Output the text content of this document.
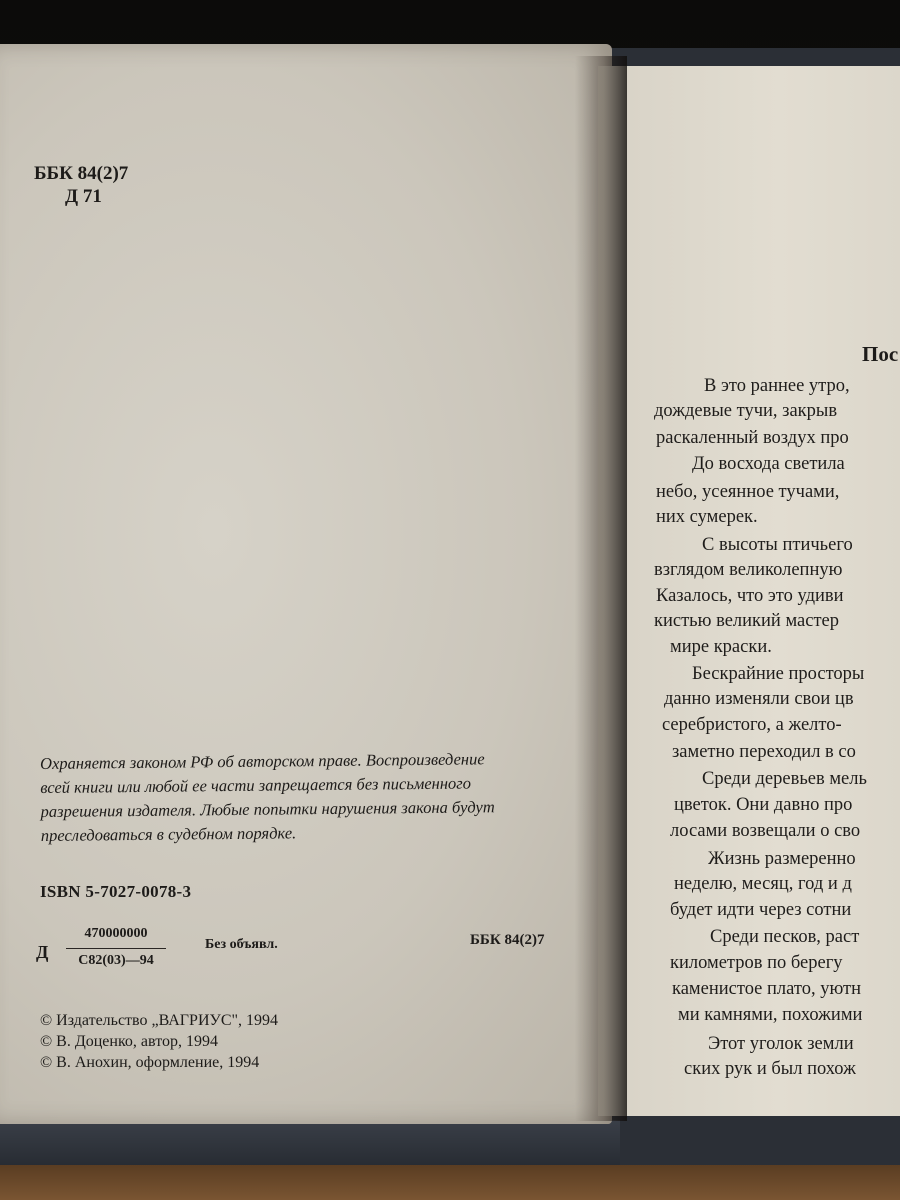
ББК 84(2)7
Д 71
Охраняется законом РФ об авторском праве. Воспроизведение
всей книги или любой ее части запрещается без письменного
разрешения издателя. Любые попытки нарушения закона будут
преследоваться в судебном порядке.
ISBN 5-7027-0078-3
Д
470000000
С82(03)—94
Без объявл.	ББК 84(2)7
© Издательство „ВАГРИУС", 1994
© В. Доценко, автор, 1994
© В. Анохин, оформление, 1994
Пос
В это раннее утро,
дождевые тучи, закрыв
раскаленный воздух про
До восхода светила
небо, усеянное тучами,
них сумерек.
С высоты птичьего
взглядом великолепную
Казалось, что это удиви
кистью великий мастер
мире краски.
Бескрайние просторы
данно изменяли свои цв
серебристого, а желто-
заметно переходил в со
Среди деревьев мель
цветок. Они давно про
лосами возвещали о сво
Жизнь размеренно
неделю, месяц, год и д
будет идти через сотни
Среди песков, раст
километров по берегу
каменистое плато, уютн
ми камнями, похожими
Этот уголок земли
ских рук и был похож
